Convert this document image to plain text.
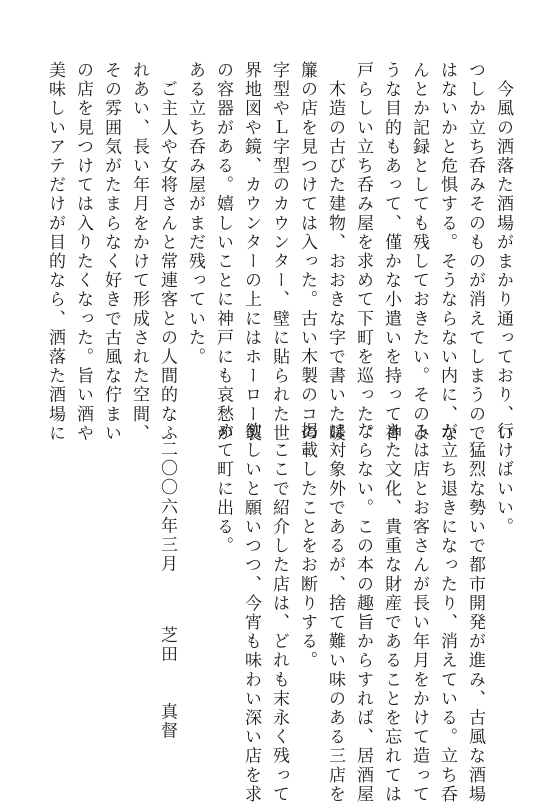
　今風の洒落た酒場がまかり通っており、い
つしか立ち呑みそのものが消えてしまうので
はないかと危惧する。そうならない内に、な
んとか記録としても残しておきたい。そのよ
うな目的もあって、僅かな小遣いを持って神
戸らしい立ち呑み屋を求めて下町を巡った。
　木造の古びた建物、おおきな字で書いた暖
簾の店を見つけては入った。古い木製のコの
字型やＬ字型のカウンター、壁に貼られた世
界地図や鏡、カウンターの上にはホーロー製
の容器がある。嬉しいことに神戸にも哀愁が
ある立ち呑み屋がまだ残っていた。
　ご主人や女将さんと常連客との人間的なふ
れあい、長い年月をかけて形成された空間、
その雰囲気がたまらなく好きで古風な佇まい
の店を見つけては入りたくなった。旨い酒や
美味しいアテだけが目的なら、洒落た酒場に
行けばいい。
　猛烈な勢いで都市開発が進み、古風な酒場
が立ち退きになったり、消えている。立ち呑
みは店とお客さんが長い年月をかけて造って
きた文化、貴重な財産であることを忘れては
ならない。この本の趣旨からすれば、居酒屋
は対象外であるが、捨て難い味のある三店を
掲載したことをお断りする。
　ここで紹介した店は、どれも末永く残って
欲しいと願いつつ、今宵も味わい深い店を求
めて町に出る。
二〇〇六年三月
芝田　　真督
